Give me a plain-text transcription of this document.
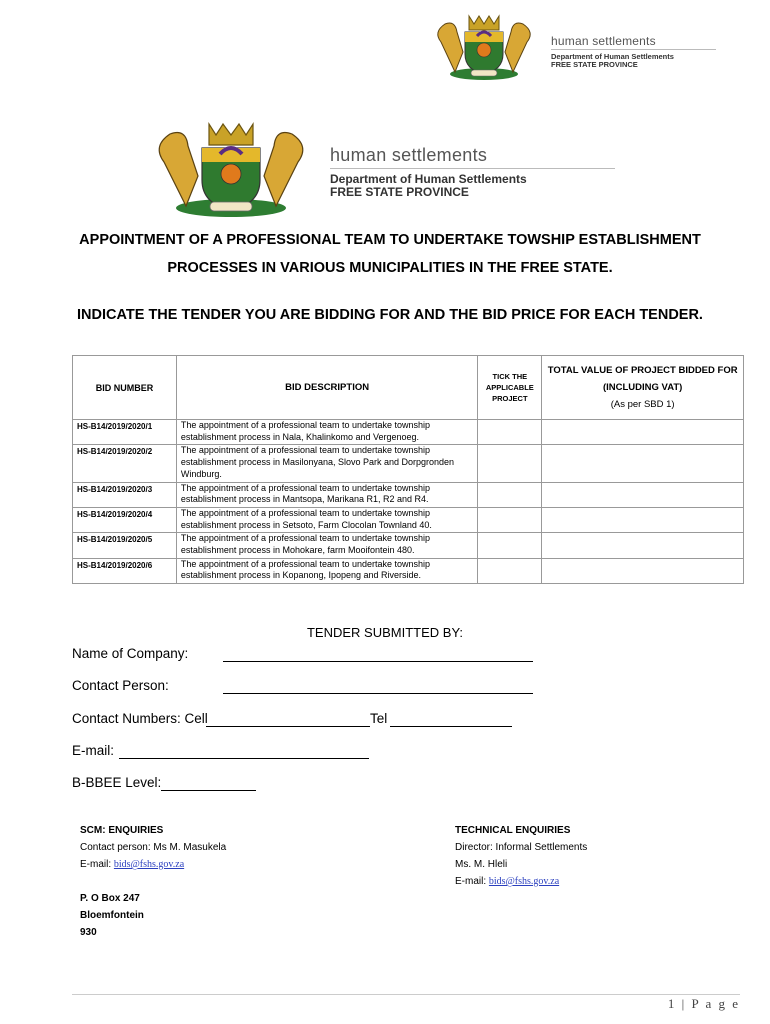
human settlements
Department of Human Settlements
FREE STATE PROVINCE
human settlements
Department of Human Settlements
FREE STATE PROVINCE
APPOINTMENT OF A PROFESSIONAL TEAM TO UNDERTAKE TOWSHIP ESTABLISHMENT PROCESSES IN VARIOUS MUNICIPALITIES IN THE FREE STATE.
INDICATE THE TENDER YOU ARE BIDDING FOR AND THE BID PRICE FOR EACH TENDER.
BID NUMBER	BID DESCRIPTION	TICK THE APPLICABLE PROJECT	TOTAL VALUE OF PROJECT BIDDED FOR (INCLUDING VAT)
(As per SBD 1)

HS-B14/2019/2020/1	The appointment of a professional team to undertake township establishment process in Nala, Khalinkomo and Vergenoeg.		
HS-B14/2019/2020/2	The appointment of a professional team to undertake township establishment process in Masilonyana, Slovo Park and Dorpgronden Windburg.		
HS-B14/2019/2020/3	The appointment of a professional team to undertake township establishment process in Mantsopa, Marikana R1, R2 and R4.		
HS-B14/2019/2020/4	The appointment of a professional team to undertake township establishment process in Setsoto, Farm Clocolan Townland 40.		
HS-B14/2019/2020/5	The appointment of a professional team to undertake township establishment process in Mohokare, farm Mooifontein 480.		
HS-B14/2019/2020/6	The appointment of a professional team to undertake township establishment process in Kopanong, Ipopeng and Riverside.		
TENDER SUBMITTED BY:
Name of Company:
Contact Person:
Contact Numbers: Cell	Tel
E-mail:
B-BBEE Level:
SCM: ENQUIRIES
Contact person: Ms M. Masukela
E-mail: bids@fshs.gov.za
TECHNICAL ENQUIRIES
Director: Informal Settlements
Ms. M. Hleli
E-mail: bids@fshs.gov.za
P. O Box 247
Bloemfontein
930
1 | P a g e
